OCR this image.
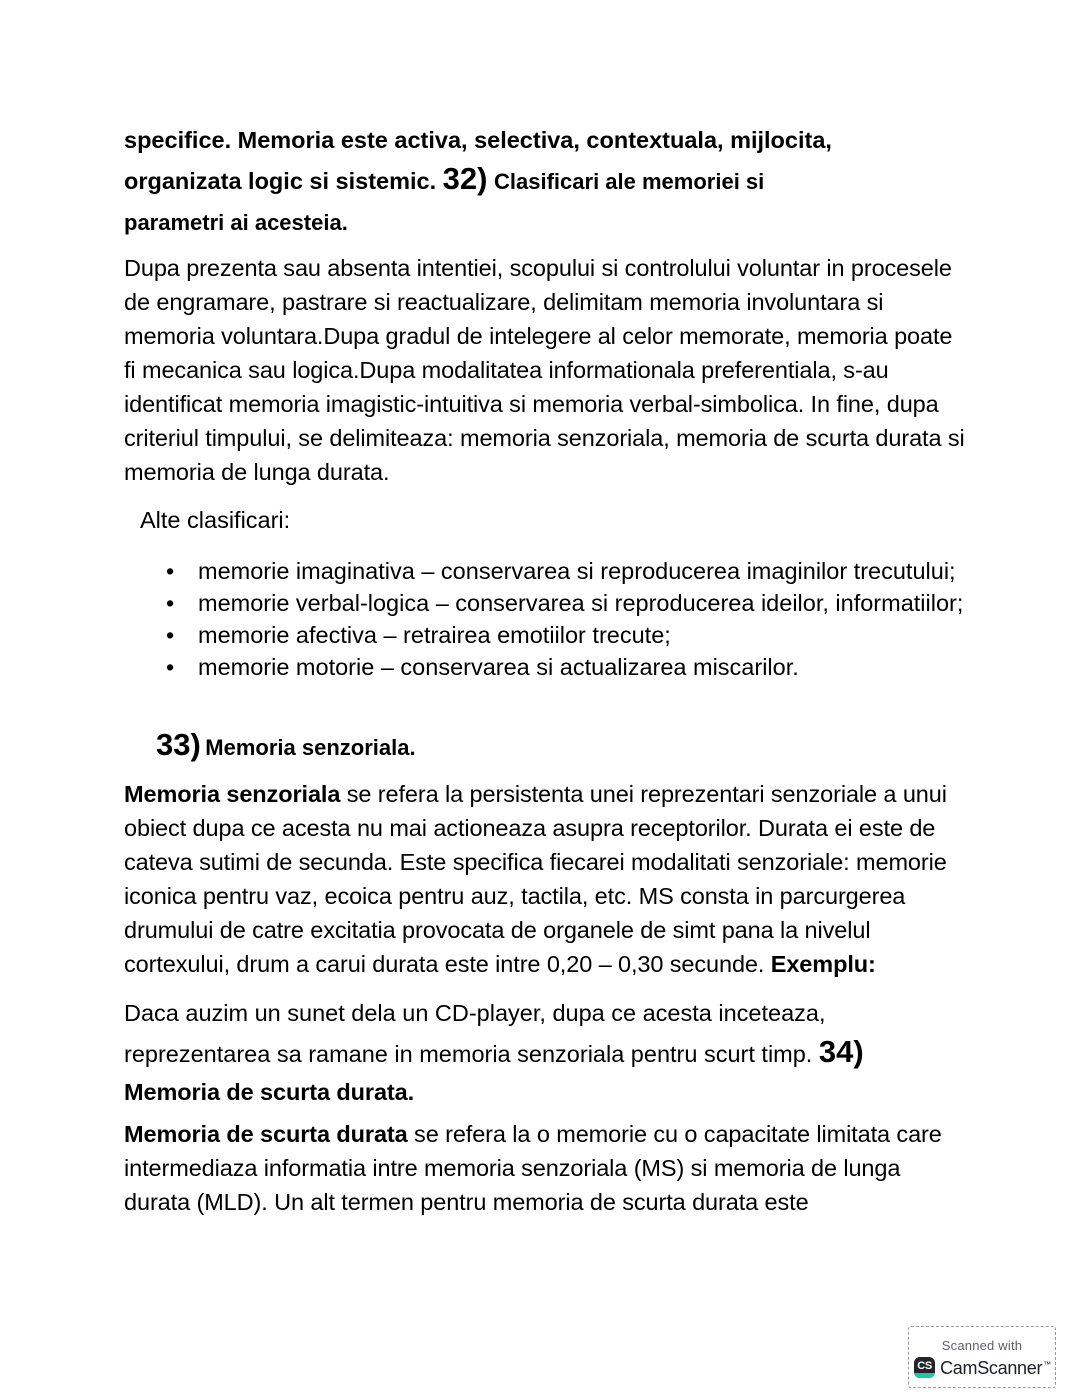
specifice. Memoria este activa, selectiva, contextuala, mijlocita,
organizata logic si sistemic. 32) Clasificari ale memoriei si
parametri ai acesteia.

Dupa prezenta sau absenta intentiei, scopului si controlului voluntar in procesele de engramare, pastrare si reactualizare, delimitam memoria involuntara si memoria voluntara.Dupa gradul de intelegere al celor memorate, memoria poate fi mecanica sau logica.Dupa modalitatea informationala preferentiala, s-au identificat memoria imagistic-intuitiva si memoria verbal-simbolica. In fine, dupa criteriul timpului, se delimiteaza: memoria senzoriala, memoria de scurta durata si memoria de lunga durata.

Alte clasificari:
• memorie imaginativa – conservarea si reproducerea imaginilor trecutului;
• memorie verbal-logica – conservarea si reproducerea ideilor, informatiilor;
• memorie afectiva – retrairea emotiilor trecute;
• memorie motorie – conservarea si actualizarea miscarilor.
33) Memoria senzoriala.

Memoria senzoriala se refera la persistenta unei reprezentari senzoriale a unui obiect dupa ce acesta nu mai actioneaza asupra receptorilor. Durata ei este de cateva sutimi de secunda. Este specifica fiecarei modalitati senzoriale: memorie iconica pentru vaz, ecoica pentru auz, tactila, etc. MS consta in parcurgerea drumului de catre excitatia provocata de organele de simt pana la nivelul cortexului, drum a carui durata este intre 0,20 – 0,30 secunde. Exemplu:

Daca auzim un sunet dela un CD-player, dupa ce acesta inceteaza, reprezentarea sa ramane in memoria senzoriala pentru scurt timp. 34)

Memoria de scurta durata.

Memoria de scurta durata se refera la o memorie cu o capacitate limitata care intermediaza informatia intre memoria senzoriala (MS) si memoria de lunga durata (MLD). Un alt termen pentru memoria de scurta durata este

Scanned with
CS CamScanner™
